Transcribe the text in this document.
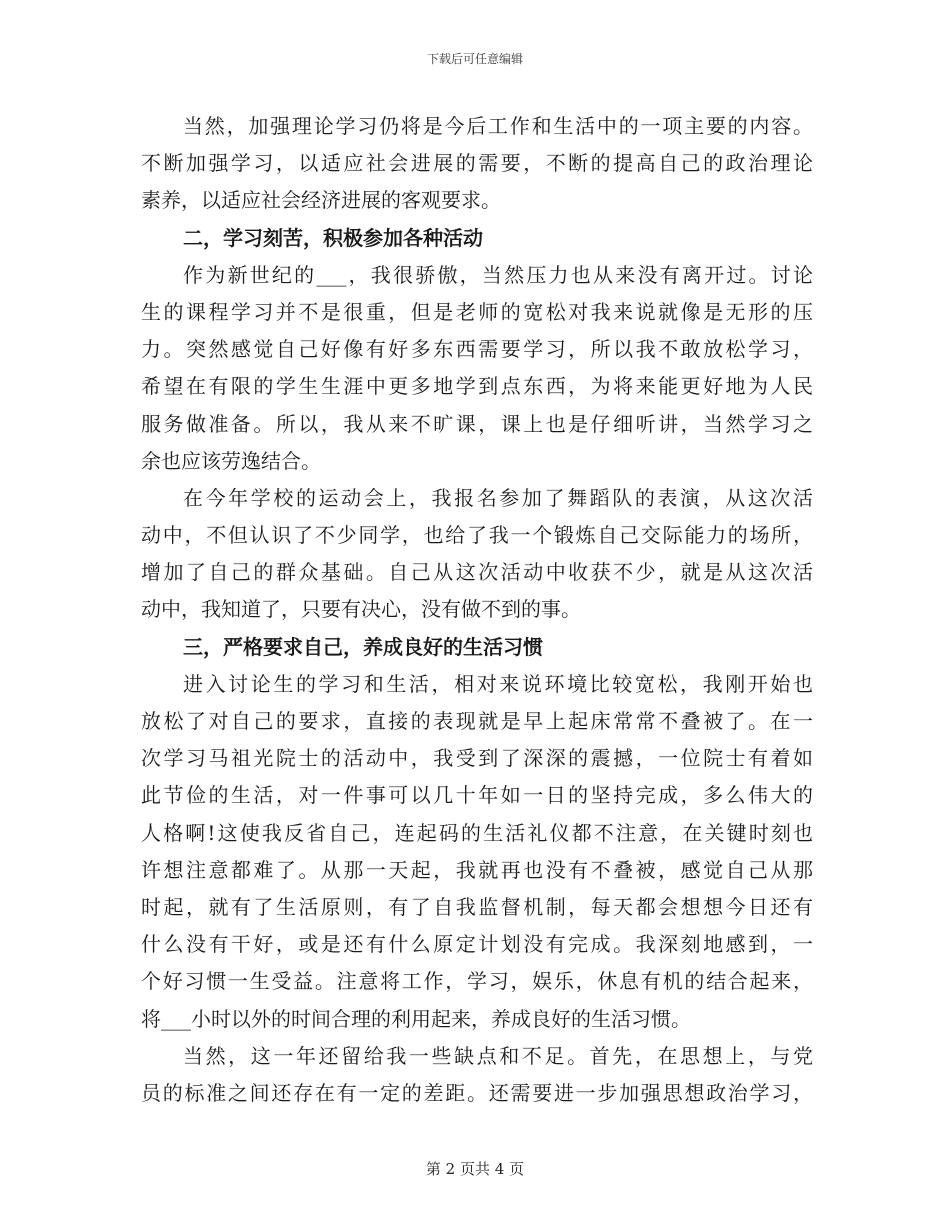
下载后可任意编辑
当然，加强理论学习仍将是今后工作和生活中的一项主要的内容。
不断加强学习，以适应社会进展的需要，不断的提高自己的政治理论
素养，以适应社会经济进展的客观要求。
二，学习刻苦，积极参加各种活动
作为新世纪的___，我很骄傲，当然压力也从来没有离开过。讨论
生的课程学习并不是很重，但是老师的宽松对我来说就像是无形的压
力。突然感觉自己好像有好多东西需要学习，所以我不敢放松学习，
希望在有限的学生生涯中更多地学到点东西，为将来能更好地为人民
服务做准备。所以，我从来不旷课，课上也是仔细听讲，当然学习之
余也应该劳逸结合。
在今年学校的运动会上，我报名参加了舞蹈队的表演，从这次活
动中，不但认识了不少同学，也给了我一个锻炼自己交际能力的场所，
增加了自己的群众基础。自己从这次活动中收获不少，就是从这次活
动中，我知道了，只要有决心，没有做不到的事。
三，严格要求自己，养成良好的生活习惯
进入讨论生的学习和生活，相对来说环境比较宽松，我刚开始也
放松了对自己的要求，直接的表现就是早上起床常常不叠被了。在一
次学习马祖光院士的活动中，我受到了深深的震撼，一位院士有着如
此节俭的生活，对一件事可以几十年如一日的坚持完成，多么伟大的
人格啊!这使我反省自己，连起码的生活礼仪都不注意，在关键时刻也
许想注意都难了。从那一天起，我就再也没有不叠被，感觉自己从那
时起，就有了生活原则，有了自我监督机制，每天都会想想今日还有
什么没有干好，或是还有什么原定计划没有完成。我深刻地感到，一
个好习惯一生受益。注意将工作，学习，娱乐，休息有机的结合起来，
将___小时以外的时间合理的利用起来，养成良好的生活习惯。
当然，这一年还留给我一些缺点和不足。首先，在思想上，与党
员的标准之间还存在有一定的差距。还需要进一步加强思想政治学习，
第 2 页共 4 页
